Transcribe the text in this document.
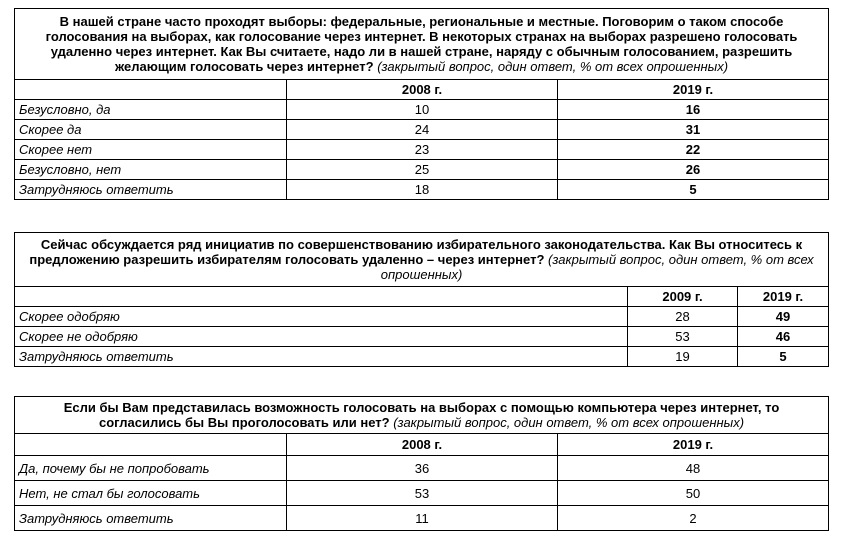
В нашей стране часто проходят выборы: федеральные, региональные и местные. Поговорим о таком способе голосования на выборах, как голосование через интернет. В некоторых странах на выборах разрешено голосовать удаленно через интернет. Как Вы считаете, надо ли в нашей стране, наряду с обычным голосованием, разрешить желающим голосовать через интернет? (закрытый вопрос, один ответ, % от всех опрошенных)		
	2008 г.	2019 г.
Безусловно, да	10	16
Скорее да	24	31
Скорее нет	23	22
Безусловно, нет	25	26
Затрудняюсь ответить	18	5
Сейчас обсуждается ряд инициатив по совершенствованию избирательного законодательства. Как Вы относитесь к предложению разрешить избирателям голосовать удаленно – через интернет? (закрытый вопрос, один ответ, % от всех опрошенных)		
	2009 г.	2019 г.
Скорее одобряю	28	49
Скорее не одобряю	53	46
Затрудняюсь ответить	19	5
Если бы Вам представилась возможность голосовать на выборах с помощью компьютера через интернет, то согласились бы Вы проголосовать или нет? (закрытый вопрос, один ответ, % от всех опрошенных)		
	2008 г.	2019 г.
Да, почему бы не попробовать	36	48
Нет, не стал бы голосовать	53	50
Затрудняюсь ответить	11	2
